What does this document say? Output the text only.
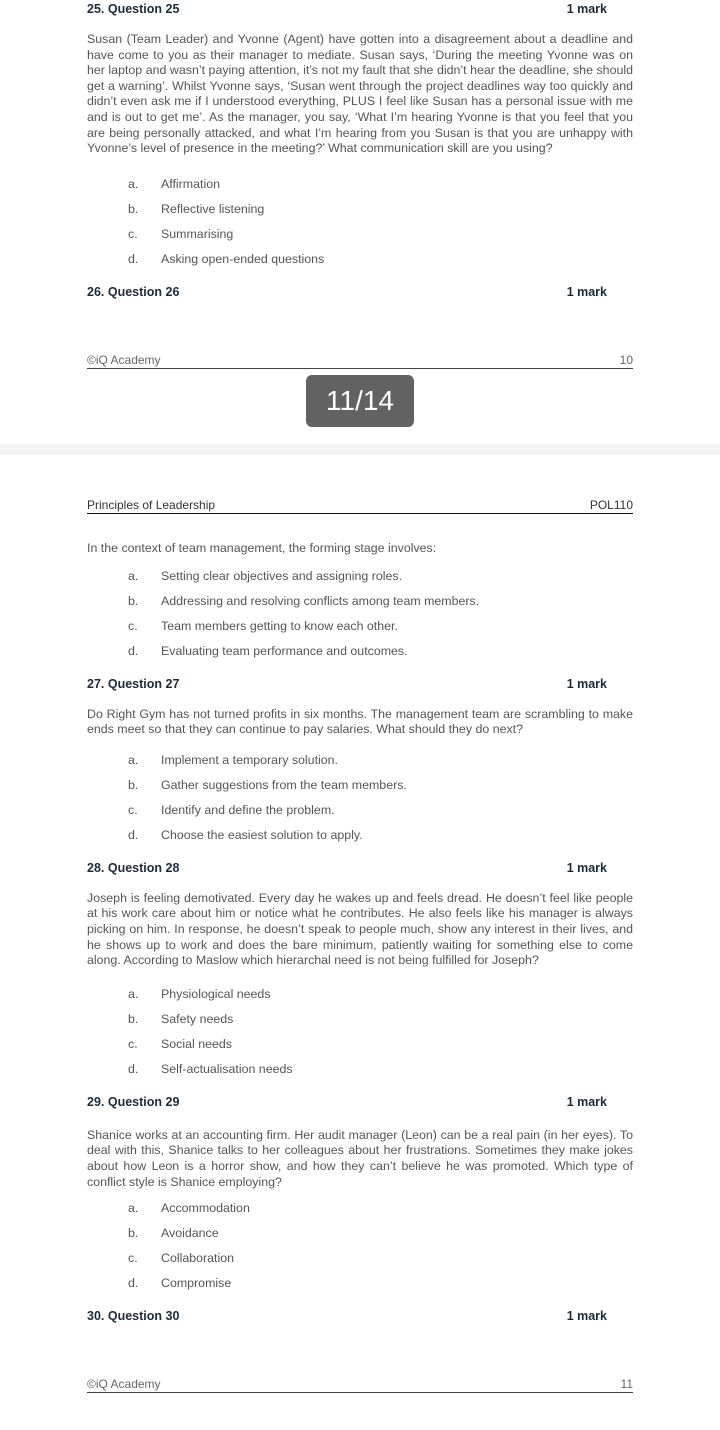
25. Question 25	1 mark
Susan (Team Leader) and Yvonne (Agent) have gotten into a disagreement about a deadline and have come to you as their manager to mediate. Susan says, ‘During the meeting Yvonne was on her laptop and wasn’t paying attention, it’s not my fault that she didn’t hear the deadline, she should get a warning’. Whilst Yvonne says, ‘Susan went through the project deadlines way too quickly and didn’t even ask me if I understood everything, PLUS I feel like Susan has a personal issue with me and is out to get me’. As the manager, you say, ‘What I’m hearing Yvonne is that you feel that you are being personally attacked, and what I’m hearing from you Susan is that you are unhappy with Yvonne’s level of presence in the meeting?’ What communication skill are you using?
a.	Affirmation
b.	Reflective listening
c.	Summarising
d.	Asking open-ended questions
26. Question 26	1 mark
©iQ Academy	10
11/14
Principles of Leadership	POL110
In the context of team management, the forming stage involves:
a.	Setting clear objectives and assigning roles.
b.	Addressing and resolving conflicts among team members.
c.	Team members getting to know each other.
d.	Evaluating team performance and outcomes.
27. Question 27	1 mark
Do Right Gym has not turned profits in six months. The management team are scrambling to make ends meet so that they can continue to pay salaries. What should they do next?
a.	Implement a temporary solution.
b.	Gather suggestions from the team members.
c.	Identify and define the problem.
d.	Choose the easiest solution to apply.
28. Question 28	1 mark
Joseph is feeling demotivated. Every day he wakes up and feels dread. He doesn’t feel like people at his work care about him or notice what he contributes. He also feels like his manager is always picking on him. In response, he doesn’t speak to people much, show any interest in their lives, and he shows up to work and does the bare minimum, patiently waiting for something else to come along. According to Maslow which hierarchal need is not being fulfilled for Joseph?
a.	Physiological needs
b.	Safety needs
c.	Social needs
d.	Self-actualisation needs
29. Question 29	1 mark
Shanice works at an accounting firm. Her audit manager (Leon) can be a real pain (in her eyes). To deal with this, Shanice talks to her colleagues about her frustrations. Sometimes they make jokes about how Leon is a horror show, and how they can’t believe he was promoted. Which type of conflict style is Shanice employing?
a.	Accommodation
b.	Avoidance
c.	Collaboration
d.	Compromise
30. Question 30	1 mark
©iQ Academy	11
